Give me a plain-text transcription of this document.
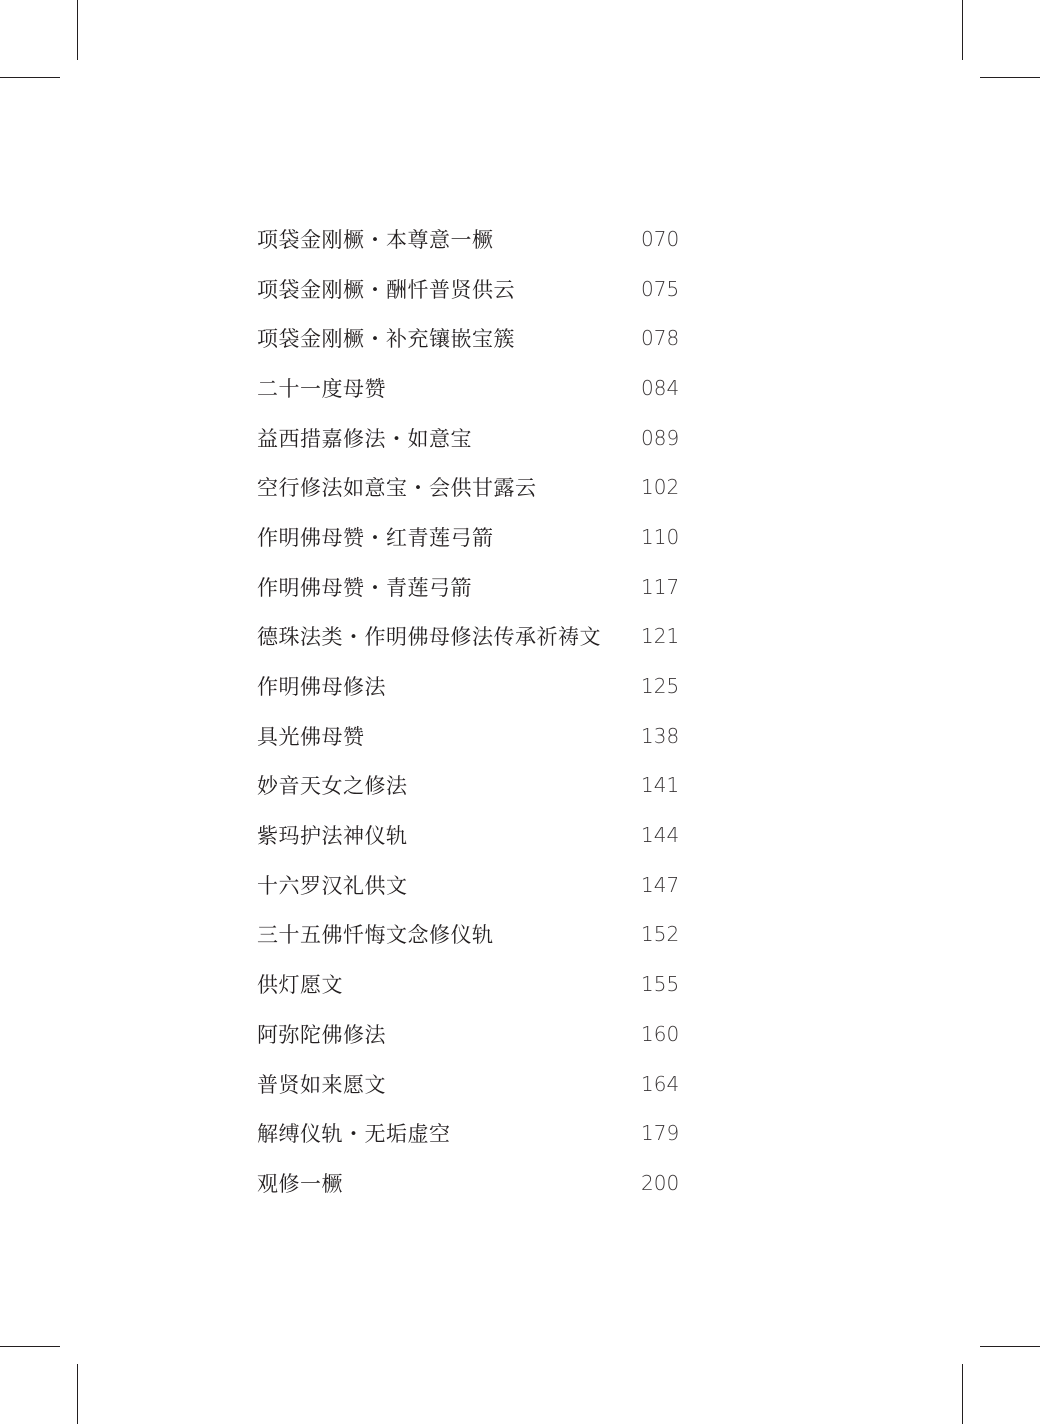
项袋金刚橛・本尊意一橛	070
项袋金刚橛・酬忏普贤供云	075
项袋金刚橛・补充镶嵌宝簇	078
二十一度母赞	084
益西措嘉修法・如意宝	089
空行修法如意宝・会供甘露云	102
作明佛母赞・红青莲弓箭	110
作明佛母赞・青莲弓箭	117
德珠法类・作明佛母修法传承祈祷文 121
作明佛母修法	125
具光佛母赞	138
妙音天女之修法	141
紫玛护法神仪轨	144
十六罗汉礼供文	147
三十五佛忏悔文念修仪轨	152
供灯愿文	155
阿弥陀佛修法	160
普贤如来愿文	164
解缚仪轨・无垢虚空	179
观修一橛	200
